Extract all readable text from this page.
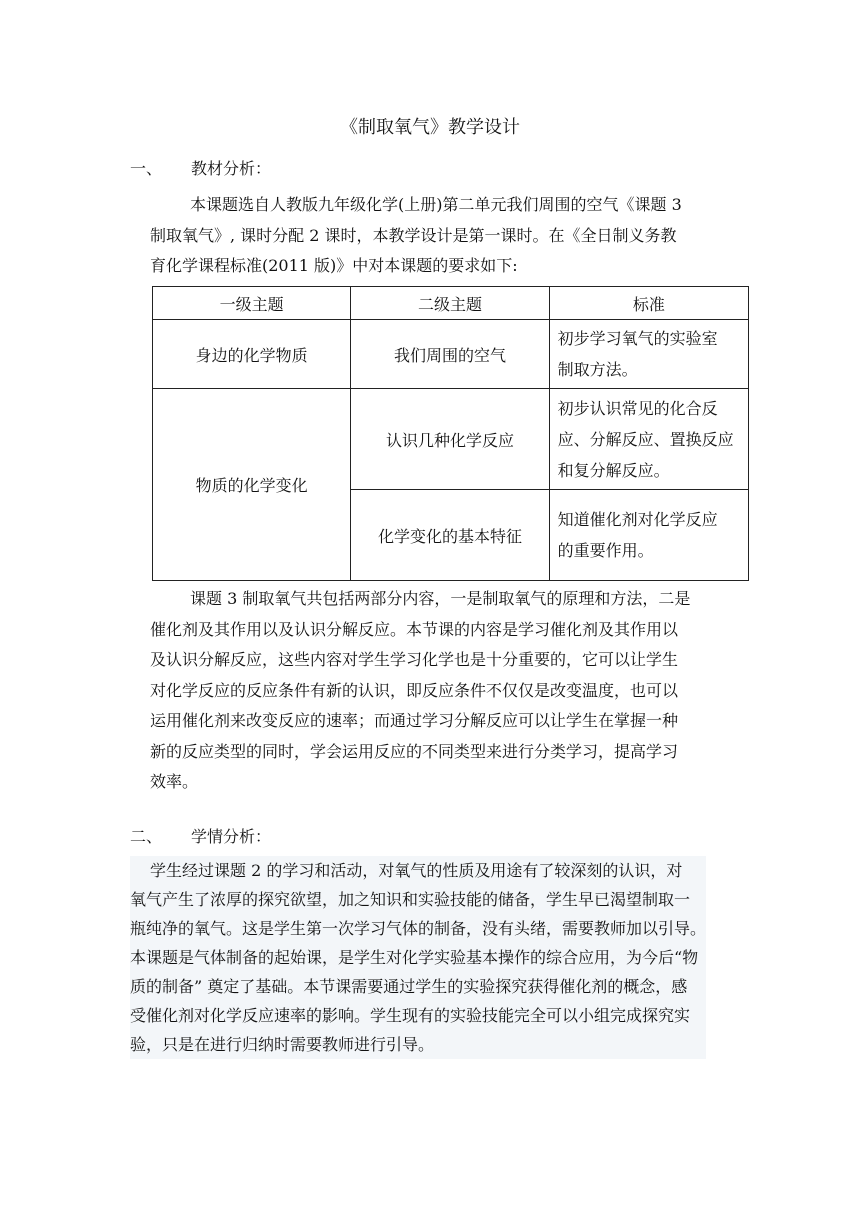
《制取氧气》教学设计
一、 教材分析：
本课题选自人教版九年级化学(上册)第二单元我们周围的空气《课题 3
制取氧气》, 课时分配 2 课时，本教学设计是第一课时。在《全日制义务教
育化学课程标准(2011 版)》中对本课题的要求如下:
一级主题	二级主题	标准
身边的化学物质	我们周围的空气	初步学习氧气的实验室
制取方法。

物质的化学变化	认识几种化学反应	初步认识常见的化合反
应、分解反应、置换反应
和复分解反应。

	化学变化的基本特征	知道催化剂对化学反应
的重要作用。
课题 3 制取氧气共包括两部分内容，一是制取氧气的原理和方法，二是
催化剂及其作用以及认识分解反应。本节课的内容是学习催化剂及其作用以
及认识分解反应，这些内容对学生学习化学也是十分重要的，它可以让学生
对化学反应的反应条件有新的认识，即反应条件不仅仅是改变温度，也可以
运用催化剂来改变反应的速率；而通过学习分解反应可以让学生在掌握一种
新的反应类型的同时，学会运用反应的不同类型来进行分类学习，提高学习
效率。
二、 学情分析：
学生经过课题 2 的学习和活动，对氧气的性质及用途有了较深刻的认识，对
氧气产生了浓厚的探究欲望，加之知识和实验技能的储备，学生早已渴望制取一
瓶纯净的氧气。这是学生第一次学习气体的制备，没有头绪，需要教师加以引导。
本课题是气体制备的起始课，是学生对化学实验基本操作的综合应用，为今后“物
质的制备” 奠定了基础。本节课需要通过学生的实验探究获得催化剂的概念，感
受催化剂对化学反应速率的影响。学生现有的实验技能完全可以小组完成探究实
验，只是在进行归纳时需要教师进行引导。
